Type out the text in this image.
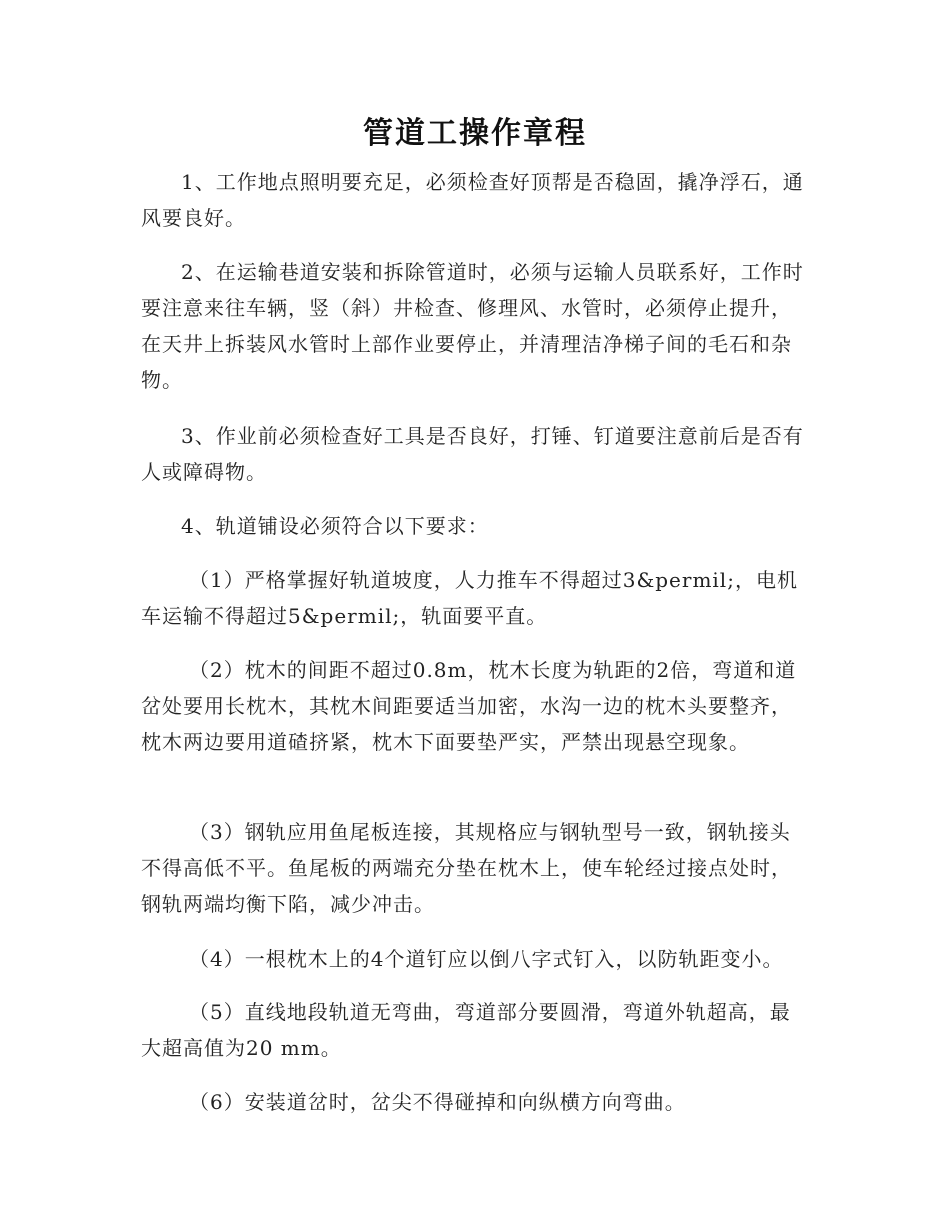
管道工操作章程

1、工作地点照明要充足，必须检查好顶帮是否稳固，撬净浮石，通风要良好。

2、在运输巷道安装和拆除管道时，必须与运输人员联系好，工作时要注意来往车辆，竖（斜）井检查、修理风、水管时，必须停止提升，在天井上拆装风水管时上部作业要停止，并清理洁净梯子间的毛石和杂物。

3、作业前必须检查好工具是否良好，打锤、钉道要注意前后是否有人或障碍物。

4、轨道铺设必须符合以下要求：

（1）严格掌握好轨道坡度，人力推车不得超过3&permil;，电机车运输不得超过5&permil;，轨面要平直。

（2）枕木的间距不超过0.8m，枕木长度为轨距的2倍，弯道和道岔处要用长枕木，其枕木间距要适当加密，水沟一边的枕木头要整齐，枕木两边要用道碴挤紧，枕木下面要垫严实，严禁出现悬空现象。

（3）钢轨应用鱼尾板连接，其规格应与钢轨型号一致，钢轨接头不得高低不平。鱼尾板的两端充分垫在枕木上，使车轮经过接点处时，钢轨两端均衡下陷，减少冲击。

（4）一根枕木上的4个道钉应以倒八字式钉入，以防轨距变小。

（5）直线地段轨道无弯曲，弯道部分要圆滑，弯道外轨超高，最大超高值为20 mm。

（6）安装道岔时，岔尖不得碰掉和向纵横方向弯曲。
